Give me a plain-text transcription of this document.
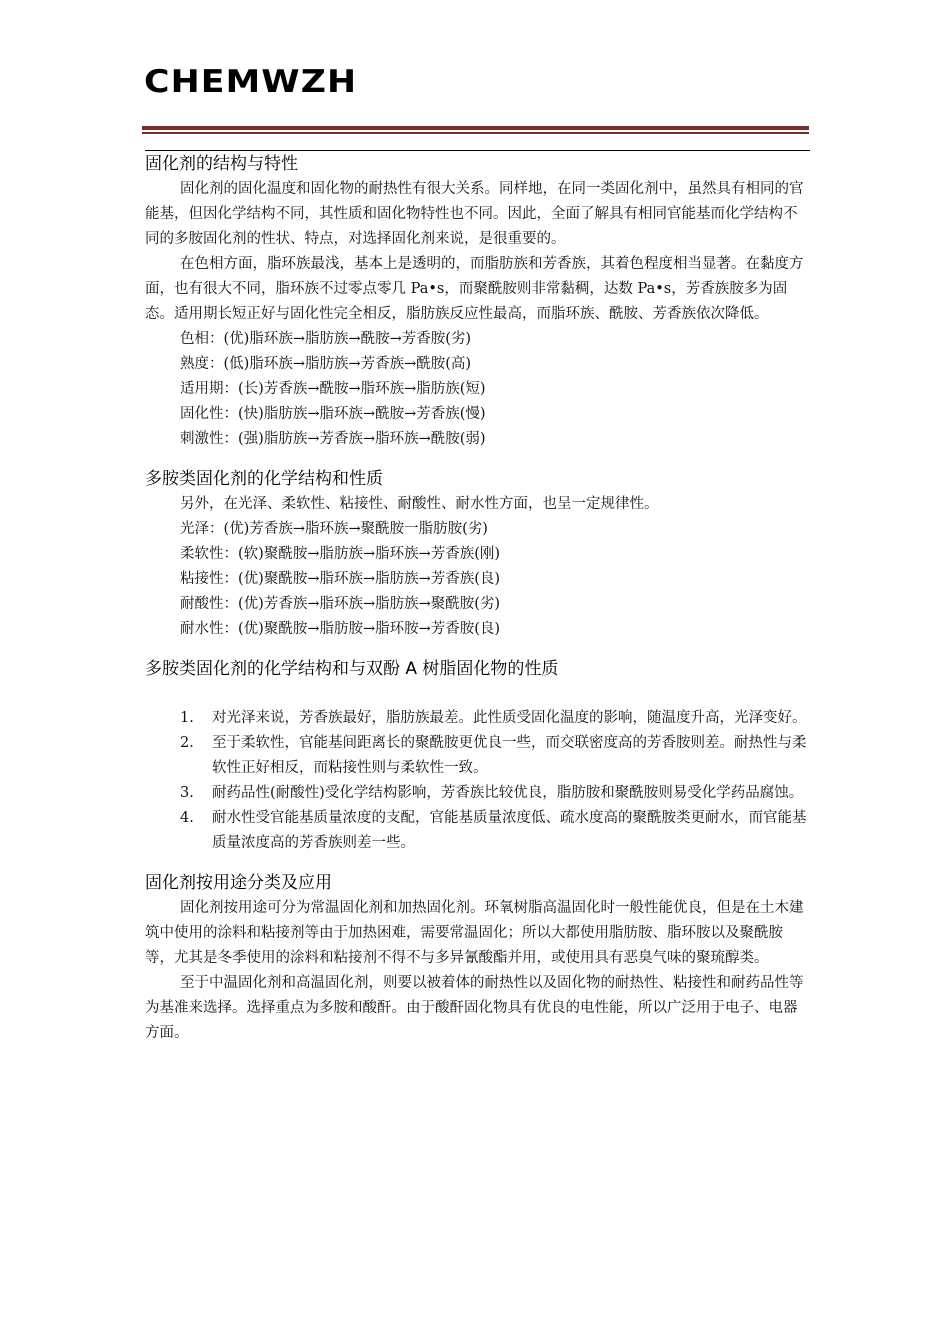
CHEMWZH
固化剂的结构与特性

固化剂的固化温度和固化物的耐热性有很大关系。同样地，在同一类固化剂中，虽然具有相同的官能基，但因化学结构不同，其性质和固化物特性也不同。因此，全面了解具有相同官能基而化学结构不同的多胺固化剂的性状、特点，对选择固化剂来说，是很重要的。

在色相方面，脂环族最浅，基本上是透明的，而脂肪族和芳香族，其着色程度相当显著。在黏度方面，也有很大不同，脂环族不过零点零几 Pa•s，而聚酰胺则非常黏稠，达数 Pa•s，芳香族胺多为固态。适用期长短正好与固化性完全相反，脂肪族反应性最高，而脂环族、酰胺、芳香族依次降低。

色相：(优)脂环族→脂肪族→酰胺→芳香胺(劣)
熟度：(低)脂环族→脂肪族→芳香族→酰胺(高)
适用期：(长)芳香族→酰胺→脂环族→脂肪族(短)
固化性：(快)脂肪族→脂环族→酰胺→芳香族(慢)
刺激性：(强)脂肪族→芳香族→脂环族→酰胺(弱)
多胺类固化剂的化学结构和性质
另外，在光泽、柔软性、粘接性、耐酸性、耐水性方面，也呈一定规律性。
光泽：(优)芳香族→脂环族→聚酰胺一脂肪胺(劣)
柔软性：(软)聚酰胺→脂肪族→脂环族→芳香族(刚)
粘接性：(优)聚酰胺→脂环族→脂肪族→芳香族(良)
耐酸性：(优)芳香族→脂环族→脂肪族→聚酰胺(劣)
耐水性：(优)聚酰胺→脂肪胺→脂环胺→芳香胺(良)
多胺类固化剂的化学结构和与双酚 A 树脂固化物的性质
1. 对光泽来说，芳香族最好，脂肪族最差。此性质受固化温度的影响，随温度升高，光泽变好。
2. 至于柔软性，官能基间距离长的聚酰胺更优良一些，而交联密度高的芳香胺则差。耐热性与柔软性正好相反，而粘接性则与柔软性一致。
3. 耐药品性(耐酸性)受化学结构影响，芳香族比较优良，脂肪胺和聚酰胺则易受化学药品腐蚀。
4. 耐水性受官能基质量浓度的支配，官能基质量浓度低、疏水度高的聚酰胺类更耐水，而官能基质量浓度高的芳香族则差一些。
固化剂按用途分类及应用

固化剂按用途可分为常温固化剂和加热固化剂。环氧树脂高温固化时一般性能优良，但是在土木建筑中使用的涂料和粘接剂等由于加热困难，需要常温固化；所以大都使用脂肪胺、脂环胺以及聚酰胺等，尤其是冬季使用的涂料和粘接剂不得不与多异氰酸酯并用，或使用具有恶臭气味的聚琉醇类。

至于中温固化剂和高温固化剂，则要以被着体的耐热性以及固化物的耐热性、粘接性和耐药品性等为基准来选择。选择重点为多胺和酸酐。由于酸酐固化物具有优良的电性能，所以广泛用于电子、电器方面。
